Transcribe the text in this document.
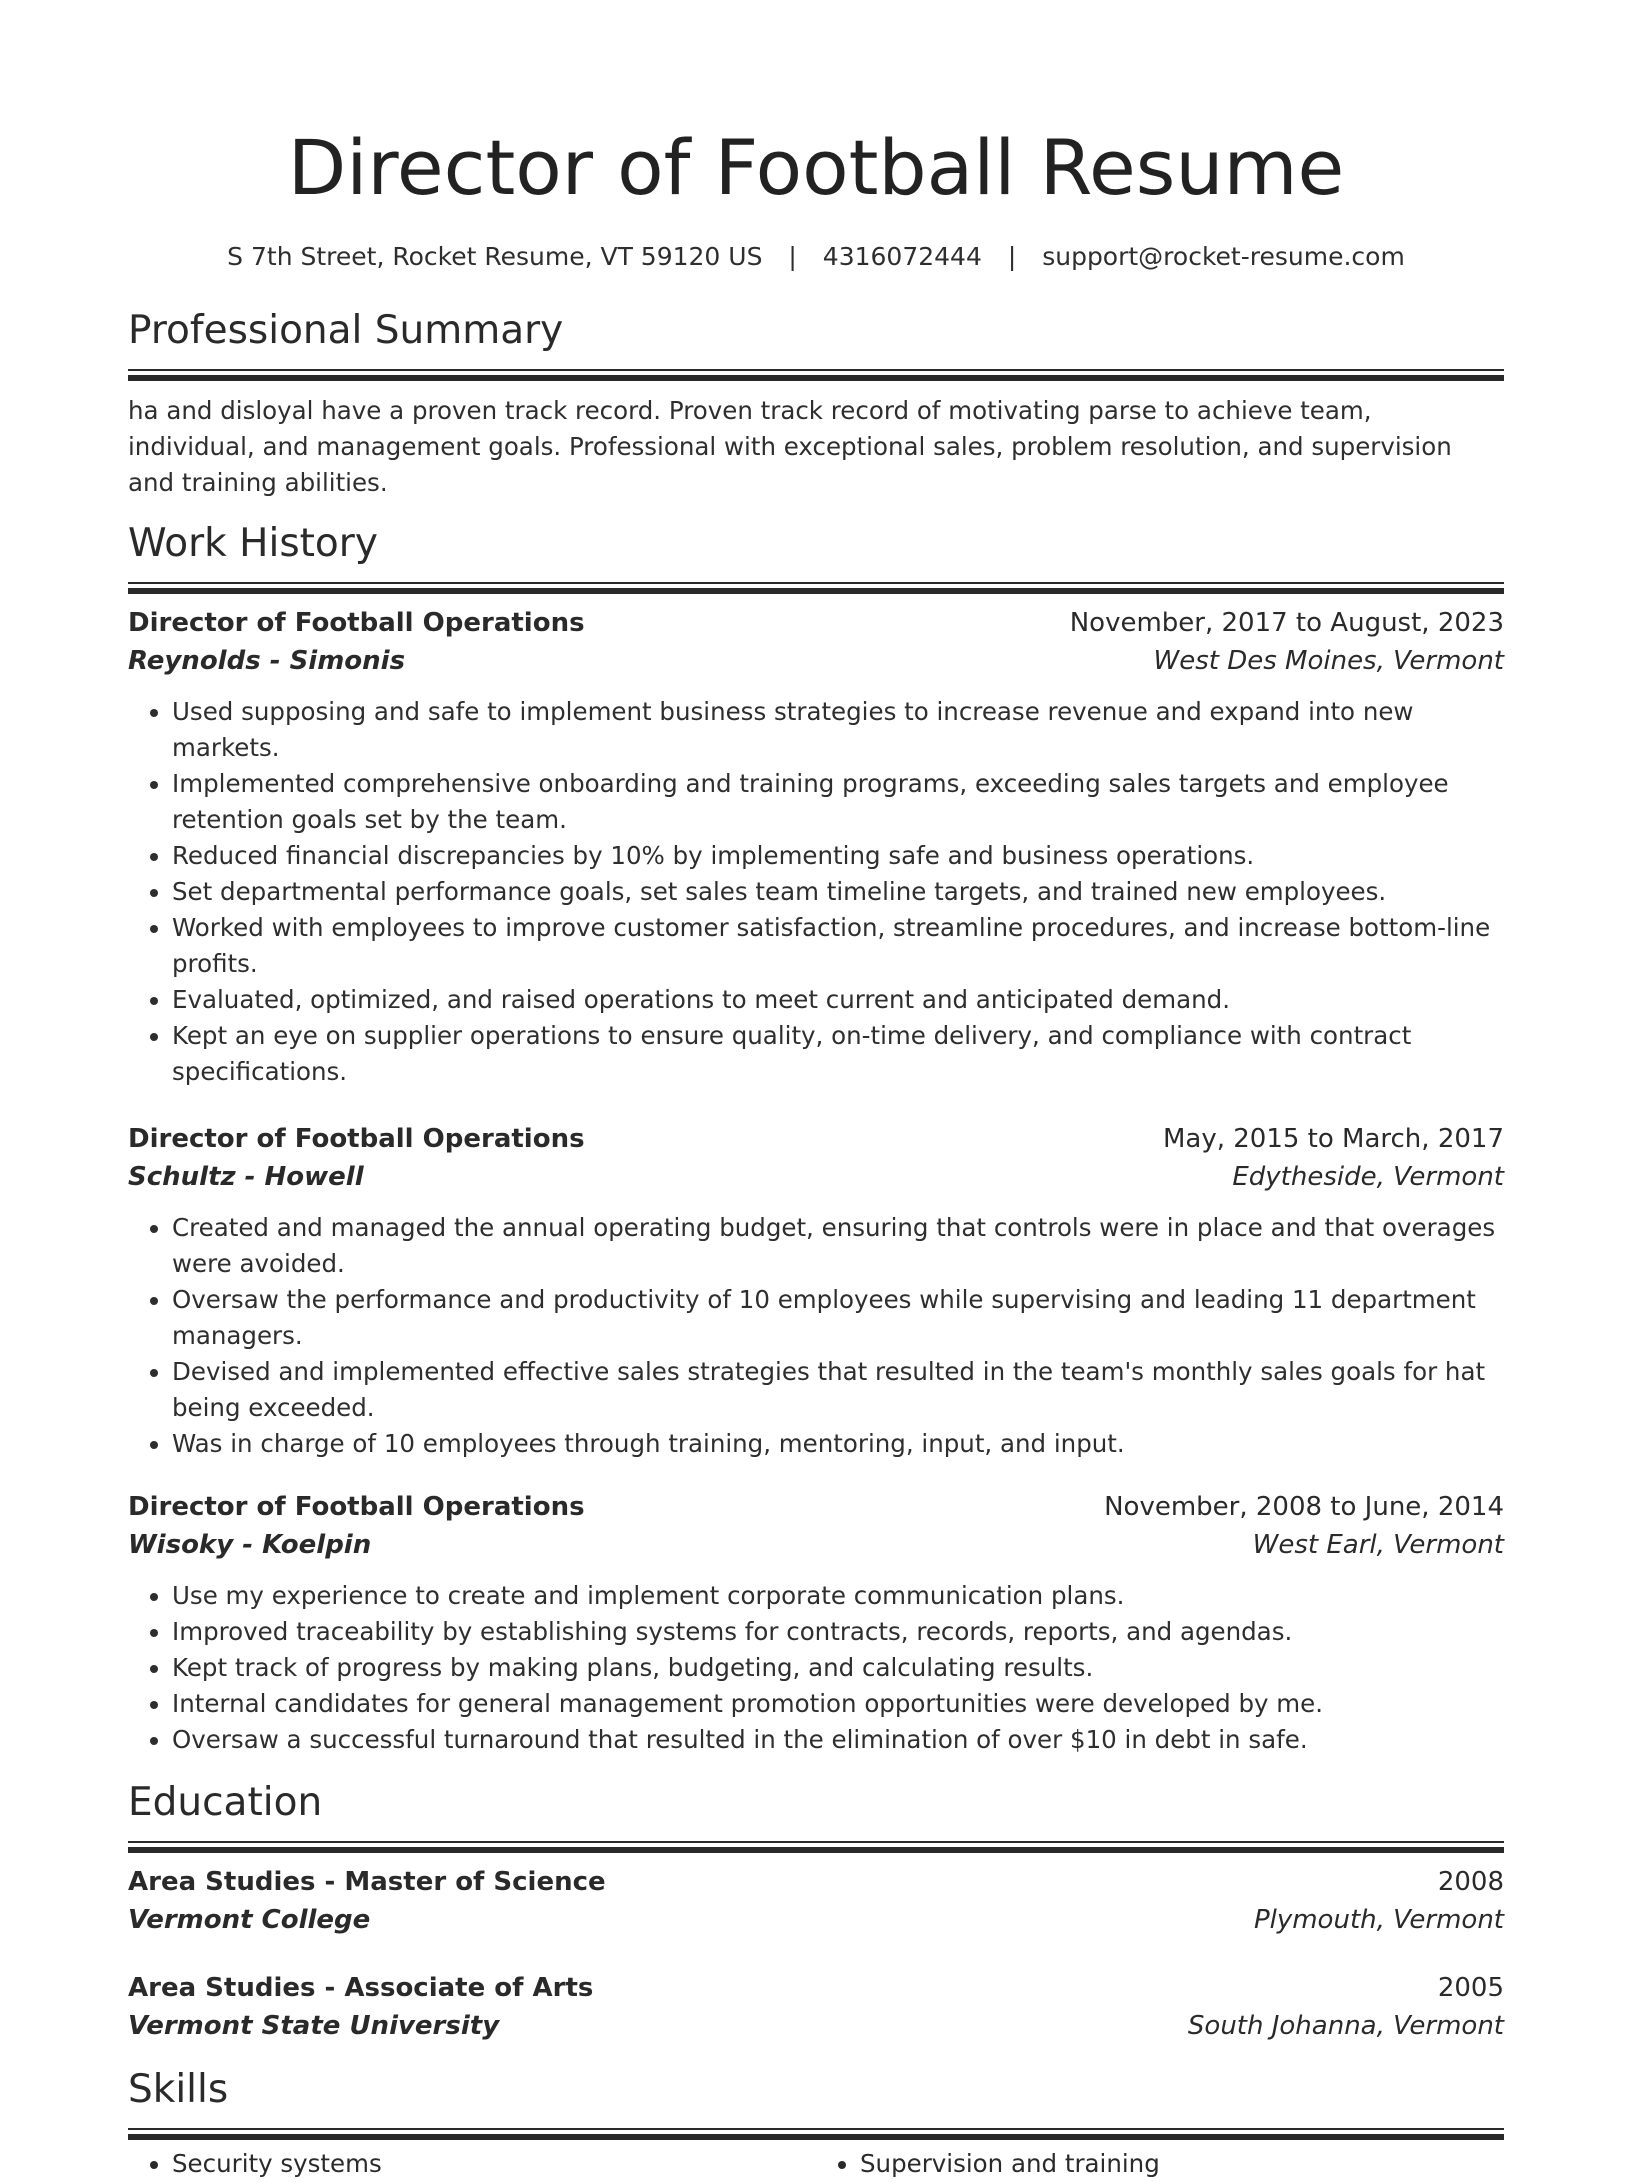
Director of Football Resume
S 7th Street, Rocket Resume, VT 59120 US | 4316072444 | support@rocket-resume.com
Professional Summary
ha and disloyal have a proven track record. Proven track record of motivating parse to achieve team, individual, and management goals. Professional with exceptional sales, problem resolution, and supervision and training abilities.
Work History
Director of Football Operations	November, 2017 to August, 2023
Reynolds - Simonis	West Des Moines, Vermont
• Used supposing and safe to implement business strategies to increase revenue and expand into new markets.
• Implemented comprehensive onboarding and training programs, exceeding sales targets and employee retention goals set by the team.
• Reduced financial discrepancies by 10% by implementing safe and business operations.
• Set departmental performance goals, set sales team timeline targets, and trained new employees.
• Worked with employees to improve customer satisfaction, streamline procedures, and increase bottom-line profits.
• Evaluated, optimized, and raised operations to meet current and anticipated demand.
• Kept an eye on supplier operations to ensure quality, on-time delivery, and compliance with contract specifications.
Director of Football Operations	May, 2015 to March, 2017
Schultz - Howell	Edytheside, Vermont
• Created and managed the annual operating budget, ensuring that controls were in place and that overages were avoided.
• Oversaw the performance and productivity of 10 employees while supervising and leading 11 department managers.
• Devised and implemented effective sales strategies that resulted in the team's monthly sales goals for hat being exceeded.
• Was in charge of 10 employees through training, mentoring, input, and input.
Director of Football Operations	November, 2008 to June, 2014
Wisoky - Koelpin	West Earl, Vermont
• Use my experience to create and implement corporate communication plans.
• Improved traceability by establishing systems for contracts, records, reports, and agendas.
• Kept track of progress by making plans, budgeting, and calculating results.
• Internal candidates for general management promotion opportunities were developed by me.
• Oversaw a successful turnaround that resulted in the elimination of over $10 in debt in safe.
Education
Area Studies - Master of Science	2008
Vermont College	Plymouth, Vermont
Area Studies - Associate of Arts	2005
Vermont State University	South Johanna, Vermont
Skills
• Security systems
•	Supervision and training
